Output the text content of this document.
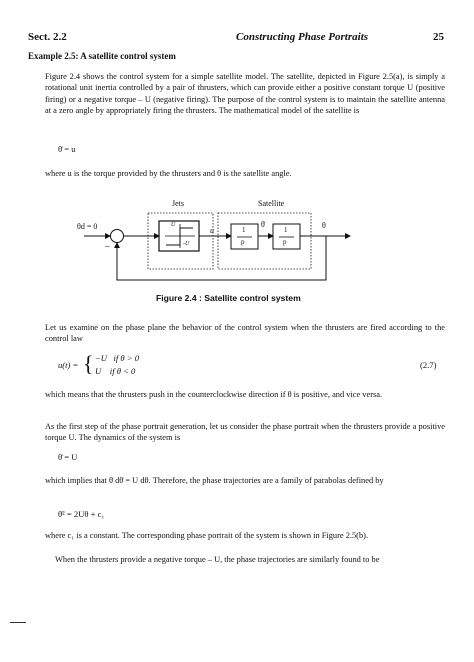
Sect. 2.2	Constructing Phase Portraits	25
Example 2.5: A satellite control system
Figure 2.4 shows the control system for a simple satellite model. The satellite, depicted in Figure 2.5(a), is simply a rotational unit inertia controlled by a pair of thrusters, which can provide either a positive constant torque U (positive firing) or a negative torque – U (negative firing). The purpose of the control system is to maintain the satellite antenna at a zero angle by appropriately firing the thrusters. The mathematical model of the satellite is
θ̈ = u
where u is the torque provided by the thrusters and θ is the satellite angle.
Jets	Satellite
θd = 0	u
θ̇	θ
U
-U
1
p
1
p
–
Figure 2.4 : Satellite control system
Let us examine on the phase plane the behavior of the control system when the thrusters are fired according to the control law
u(t) = { −U   if θ > 0
U    if θ < 0
(2.7)
which means that the thrusters push in the counterclockwise direction if θ is positive, and vice versa.
As the first step of the phase portrait generation, let us consider the phase portrait when the thrusters provide a positive torque U. The dynamics of the system is
θ̈ = U
which implies that θ̇ dθ̇ = U dθ. Therefore, the phase trajectories are a family of parabolas defined by
θ̇² = 2Uθ + c₁
where c₁ is a constant. The corresponding phase portrait of the system is shown in Figure 2.5(b).
When the thrusters provide a negative torque – U, the phase trajectories are similarly found to be
